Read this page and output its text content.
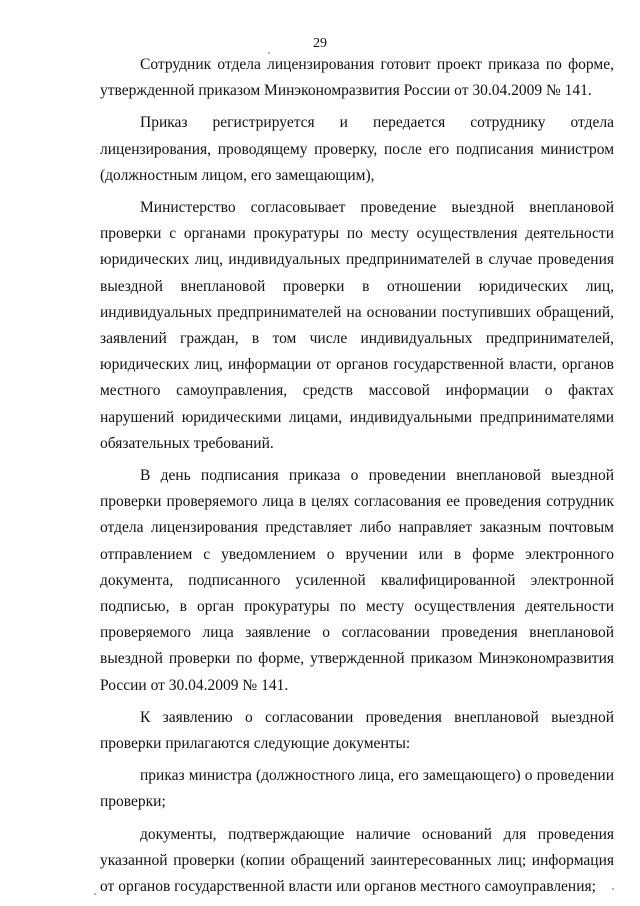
29

Сотрудник отдела лицензирования готовит проект приказа по форме, утвержденной приказом Минэкономразвития России от 30.04.2009 № 141.

Приказ регистрируется и передается сотруднику отдела лицензирования, проводящему проверку, после его подписания министром (должностным лицом, его замещающим),

Министерство согласовывает проведение выездной внеплановой проверки с органами прокуратуры по месту осуществления деятельности юридических лиц, индивидуальных предпринимателей в случае проведения выездной внеплановой проверки в отношении юридических лиц, индивидуальных предпринимателей на основании поступивших обращений, заявлений граждан, в том числе индивидуальных предпринимателей, юридических лиц, информации от органов государственной власти, органов местного самоуправления, средств массовой информации о фактах нарушений юридическими лицами, индивидуальными предпринимателями обязательных требований.

В день подписания приказа о проведении внеплановой выездной проверки проверяемого лица в целях согласования ее проведения сотрудник отдела лицензирования представляет либо направляет заказным почтовым отправлением с уведомлением о вручении или в форме электронного документа, подписанного усиленной квалифицированной электронной подписью, в орган прокуратуры по месту осуществления деятельности проверяемого лица заявление о согласовании проведения внеплановой выездной проверки по форме, утвержденной приказом Минэкономразвития России от 30.04.2009 № 141.

К заявлению о согласовании проведения внеплановой выездной проверки прилагаются следующие документы:

приказ министра (должностного лица, его замещающего) о проведении проверки;

документы, подтверждающие наличие оснований для проведения указанной проверки (копии обращений заинтересованных лиц; информация от органов государственной власти или органов местного самоуправления;
